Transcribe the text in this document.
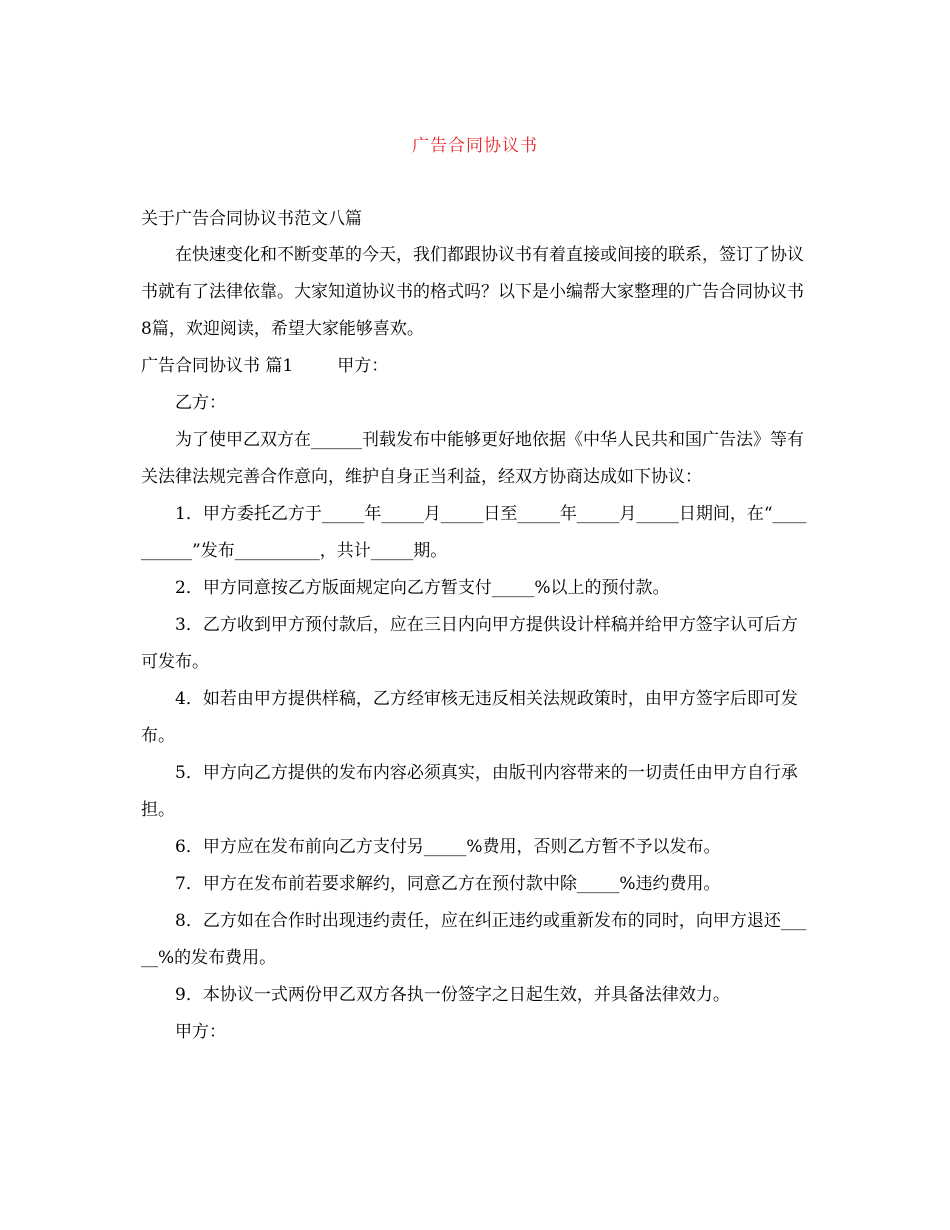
广告合同协议书

关于广告合同协议书范文八篇

在快速变化和不断变革的今天，我们都跟协议书有着直接或间接的联系，签订了协议书就有了法律依靠。大家知道协议书的格式吗？以下是小编帮大家整理的广告合同协议书8篇，欢迎阅读，希望大家能够喜欢。

广告合同协议书 篇1	甲方：

乙方：

为了使甲乙双方在______刊载发布中能够更好地依据《中华人民共和国广告法》等有关法律法规完善合作意向，维护自身正当利益，经双方协商达成如下协议：

1．甲方委托乙方于_____年_____月_____日至_____年_____月_____日期间，在“__________”发布__________，共计_____期。

2．甲方同意按乙方版面规定向乙方暂支付_____%以上的预付款。

3．乙方收到甲方预付款后，应在三日内向甲方提供设计样稿并给甲方签字认可后方可发布。

4．如若由甲方提供样稿，乙方经审核无违反相关法规政策时，由甲方签字后即可发布。

5．甲方向乙方提供的发布内容必须真实，由版刊内容带来的一切责任由甲方自行承担。

6．甲方应在发布前向乙方支付另_____%费用，否则乙方暂不予以发布。

7．甲方在发布前若要求解约，同意乙方在预付款中除_____%违约费用。

8．乙方如在合作时出现违约责任，应在纠正违约或重新发布的同时，向甲方退还_____%的发布费用。

9．本协议一式两份甲乙双方各执一份签字之日起生效，并具备法律效力。

甲方：
